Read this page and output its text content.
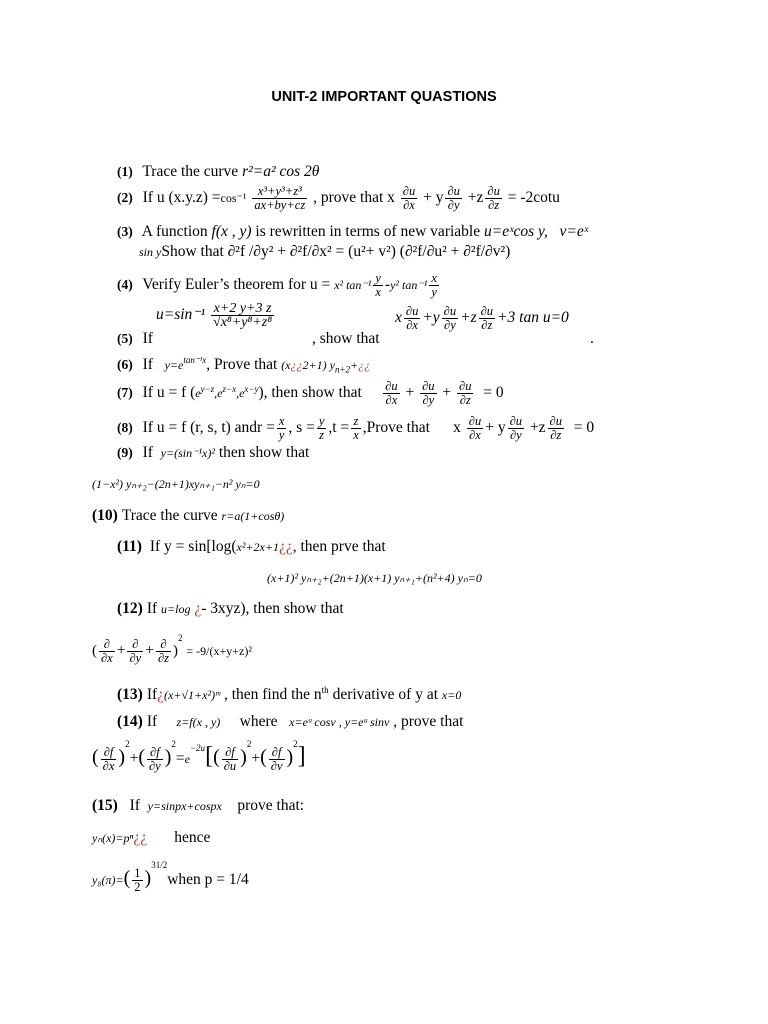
UNIT-2 IMPORTANT QUASTIONS
(1) Trace the curve r²=a² cos 2θ
(2) If u $(x.y.z) =\cos^{-1} \frac{\text{x³+y³+z³}}{ax+by+cz}$ , prove that x $\frac{\partial u}{\partial x} + y \frac{\partial u}{\partial y} +z \frac{\partial u}{\partial z} = -2\cot u$
(3) A function f(x , y) is rewritten in terms of new variable u=eˣcos y, v=eˣ
sin yShow that ∂²f /∂y² + ∂²f/∂x² = (u²+ v²) (∂²f/∂u² + ∂²f/∂v²)
(4) Verify Euler’s theorem for u = x² $\tan^{-1} \frac{y}{x} -y^2$ $\tan^{-1} \frac{x}{y}$
$u=\sin^{-1} \frac{x+2 y+3 z}{\text{√x⁸+y⁸+z⁸}}$	x $\frac{\partial u}{\partial x} +y \frac{\partial u}{\partial y} +z \frac{\partial u}{\partial z} +3$ tan u=0
(5) If	, show that	.
(6) If $y=e^{tan^{-1}x}$, Prove that (x¿¿2+1) $y_{n+2}+¿¿$
(7) If u = f $(e^{y-z},e^{z-x},e^{x-y})$, then show that $\frac{\partial u}{\partial x} + \frac{\partial u}{\partial y} + \frac{\partial u}{\partial z} = 0$
(8) If u = f (r, s, t) andr = $\frac{x}{y}$ , $s = \frac{y}{z} ,t = \frac{z}{x}$ ,Prove that x $\frac{\partial u}{\partial x} + y \frac{\partial u}{\partial y} +z \frac{\partial u}{\partial z} = 0$
(9) If y=(sin⁻¹x)² then show that
(1−x²) yₙ₊₂−(2n+1)xyₙ₊₁−n² yₙ=0
(10) Trace the curve r=a(1+cosθ)
(11) If y = sin[log(x²+2x+1¿¿, then prve that
(x+1)² yₙ₊₂+(2n+1)(x+1) yₙ₊₁+(n²+4) yₙ=0
(12) If u=log ¿- 3xyz), then show that
( $\frac{\partial}{\partial x} + \frac{\partial}{\partial y} + \frac{\partial}{\partial z} )^2 = -9/(x+y+z)^2$
(13) If¿(x+√1+x²)ᵐ , then find the $n^{th}$ derivative of y at x=0
(14) If z=f(x , y) where x=eᵘ cosv , y=eᵘ sinv , prove that
( $\frac{\partial f}{\partial x} )^2+( \frac{\partial f}{\partial y} )^2=e^{-2u}[( \frac{\partial f}{\partial u} )^2+( \frac{\partial f}{\partial v} )^2]$
(15) If y=sinpx+cospx prove that:
yₙ(x)=pⁿ¿¿ hence
$y_8(\pi)=( \frac{1}{2}$ )$^{31/2}when$ p = 1/4
